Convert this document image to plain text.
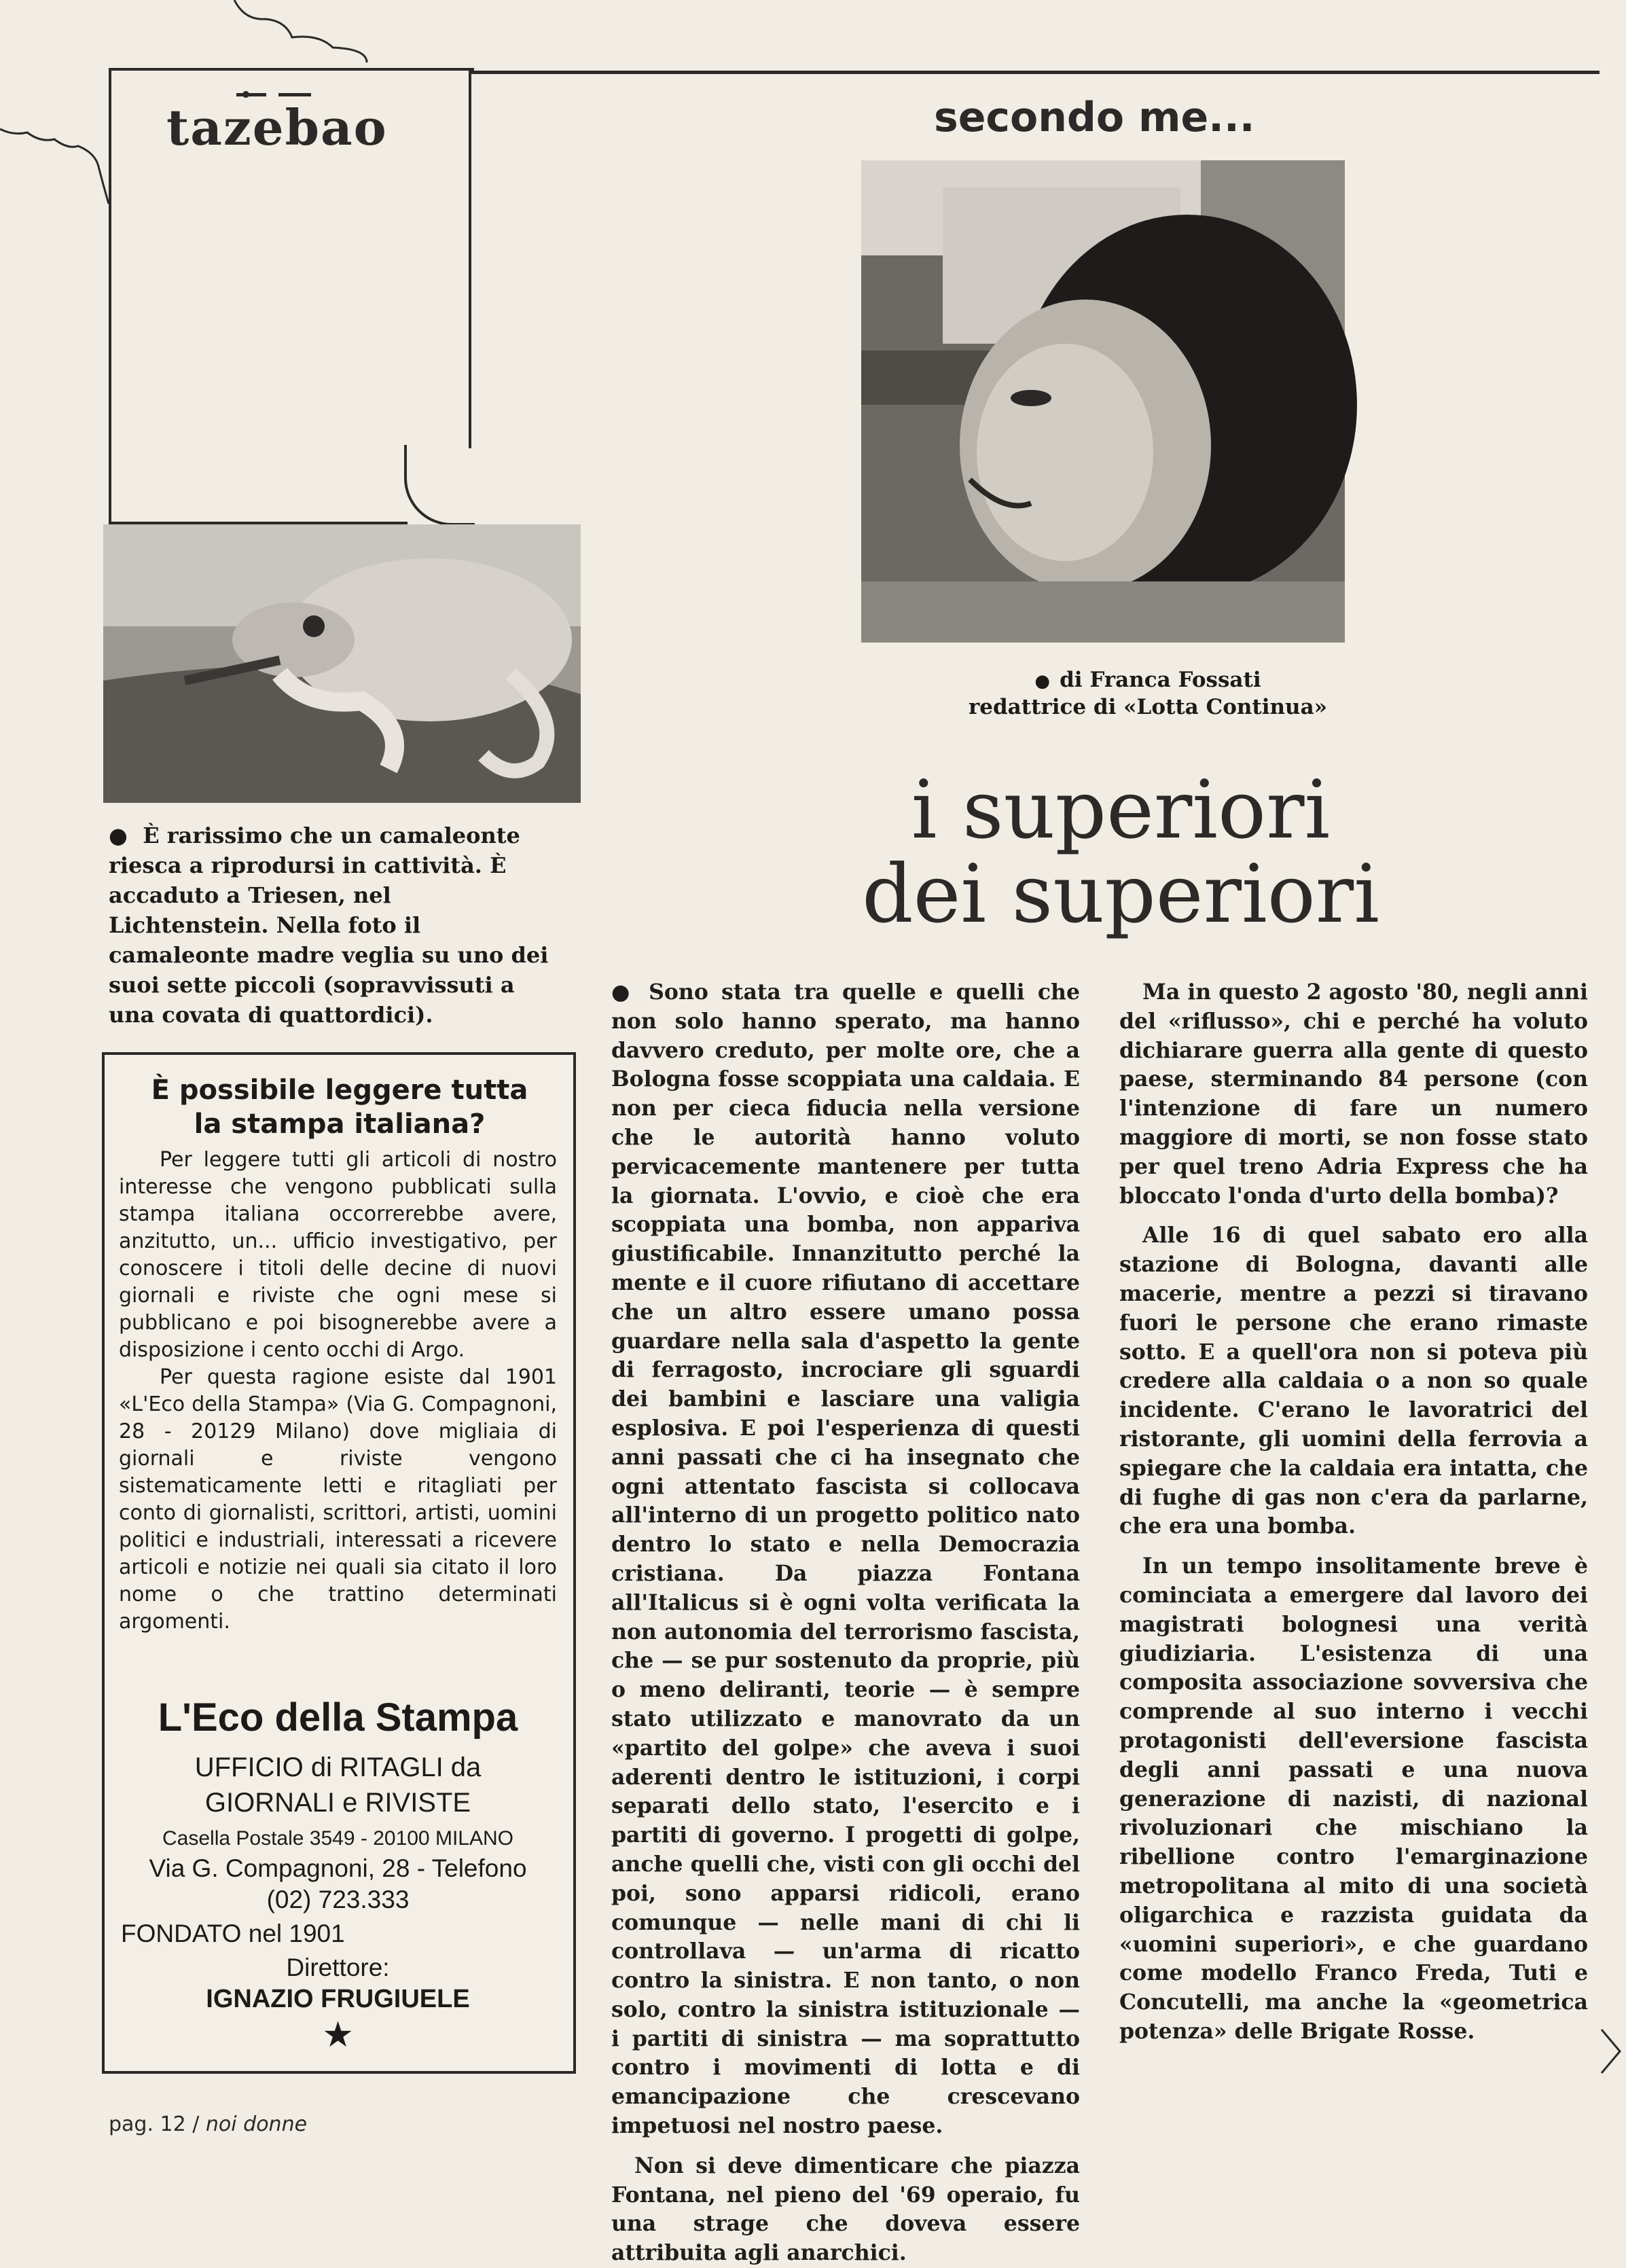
tazebao	secondo me...
● di Franca Fossati
redattrice di «Lotta Continua»
i superiori
dei superiori
● È rarissimo che un camaleonte riesca a riprodursi in cattività. È accaduto a Triesen, nel Lichtenstein. Nella foto il camaleonte madre veglia su uno dei suoi sette piccoli (sopravvissuti a una covata di quattordici).
È possibile leggere tutta
la stampa italiana?

Per leggere tutti gli articoli di nostro interesse che vengono pubblicati sulla stampa italiana occorrerebbe avere, anzitutto, un... ufficio investigativo, per conoscere i titoli delle decine di nuovi giornali e riviste che ogni mese si pubblicano e poi bisognerebbe avere a disposizione i cento occhi di Argo.

Per questa ragione esiste dal 1901 «L'Eco della Stampa» (Via G. Compagnoni, 28 - 20129 Milano) dove migliaia di giornali e riviste vengono sistematicamente letti e ritagliati per conto di giornalisti, scrittori, artisti, uomini politici e industriali, interessati a ricevere articoli e notizie nei quali sia citato il loro nome o che trattino determinati argomenti.

L'Eco della Stampa
UFFICIO di RITAGLI da
GIORNALI e RIVISTE
Casella Postale 3549 - 20100 MILANO
Via G. Compagnoni, 28 - Telefono
(02) 723.333
FONDATO nel 1901
Direttore:
IGNAZIO FRUGIUELE
★

● Sono stata tra quelle e quelli che non solo hanno sperato, ma hanno davvero creduto, per molte ore, che a Bologna fosse scoppiata una caldaia. E non per cieca fiducia nella versione che le autorità hanno voluto pervicacemente mantenere per tutta la giornata. L'ovvio, e cioè che era scoppiata una bomba, non appariva giustificabile. Innanzitutto perché la mente e il cuore rifiutano di accettare che un altro essere umano possa guardare nella sala d'aspetto la gente di ferragosto, incrociare gli sguardi dei bambini e lasciare una valigia esplosiva. E poi l'esperienza di questi anni passati che ci ha insegnato che ogni attentato fascista si collocava all'interno di un progetto politico nato dentro lo stato e nella Democrazia cristiana. Da piazza Fontana all'Italicus si è ogni volta verificata la non autonomia del terrorismo fascista, che — se pur sostenuto da proprie, più o meno deliranti, teorie — è sempre stato utilizzato e manovrato da un «partito del golpe» che aveva i suoi aderenti dentro le istituzioni, i corpi separati dello stato, l'esercito e i partiti di governo. I progetti di golpe, anche quelli che, visti con gli occhi del poi, sono apparsi ridicoli, erano comunque — nelle mani di chi li controllava — un'arma di ricatto contro la sinistra. E non tanto, o non solo, contro la sinistra istituzionale — i partiti di sinistra — ma soprattutto contro i movimenti di lotta e di emancipazione che crescevano impetuosi nel nostro paese.

Non si deve dimenticare che piazza Fontana, nel pieno del '69 operaio, fu una strage che doveva essere attribuita agli anarchici.

Ma in questo 2 agosto '80, negli anni del «riflusso», chi e perché ha voluto dichiarare guerra alla gente di questo paese, sterminando 84 persone (con l'intenzione di fare un numero maggiore di morti, se non fosse stato per quel treno Adria Express che ha bloccato l'onda d'urto della bomba)?

Alle 16 di quel sabato ero alla stazione di Bologna, davanti alle macerie, mentre a pezzi si tiravano fuori le persone che erano rimaste sotto. E a quell'ora non si poteva più credere alla caldaia o a non so quale incidente. C'erano le lavoratrici del ristorante, gli uomini della ferrovia a spiegare che la caldaia era intatta, che di fughe di gas non c'era da parlarne, che era una bomba.

In un tempo insolitamente breve è cominciata a emergere dal lavoro dei magistrati bolognesi una verità giudiziaria. L'esistenza di una composita associazione sovversiva che comprende al suo interno i vecchi protagonisti dell'eversione fascista degli anni passati e una nuova generazione di nazisti, di nazional rivoluzionari che mischiano la ribellione contro l'emarginazione metropolitana al mito di una società oligarchica e razzista guidata da «uomini superiori», e che guardano come modello Franco Freda, Tuti e Concutelli, ma anche la «geometrica potenza» delle Brigate Rosse.

pag. 12 / noi donne
